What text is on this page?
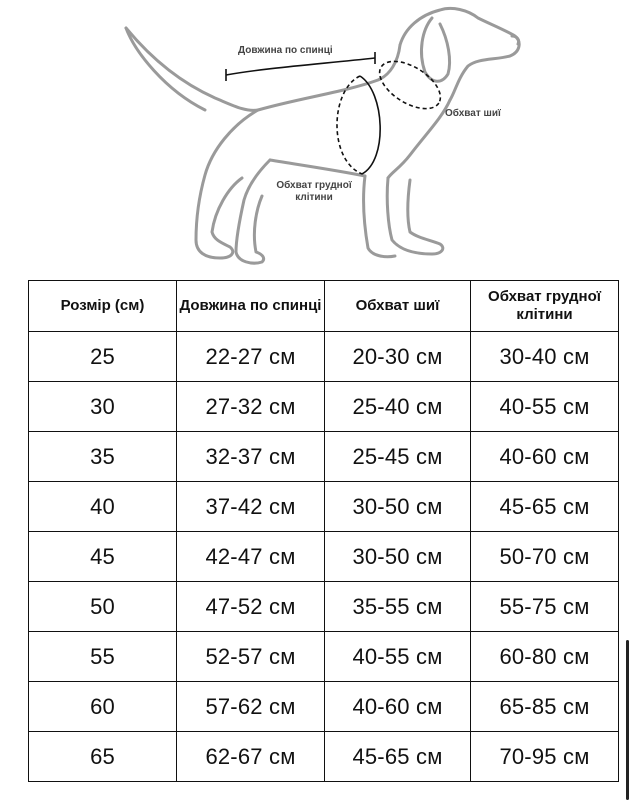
Довжина по спинці
Обхват шиї
Обхват грудної клітини
Розмір (см)	Довжина по спинці	Обхват шиї	Обхват грудної клітини
25	22-27 см	20-30 см	30-40 см
30	27-32 см	25-40 см	40-55 см
35	32-37 см	25-45 см	40-60 см
40	37-42 см	30-50 см	45-65 см
45	42-47 см	30-50 см	50-70 см
50	47-52 см	35-55 см	55-75 см
55	52-57 см	40-55 см	60-80 см
60	57-62 см	40-60 см	65-85 см
65	62-67 см	45-65 см	70-95 см
